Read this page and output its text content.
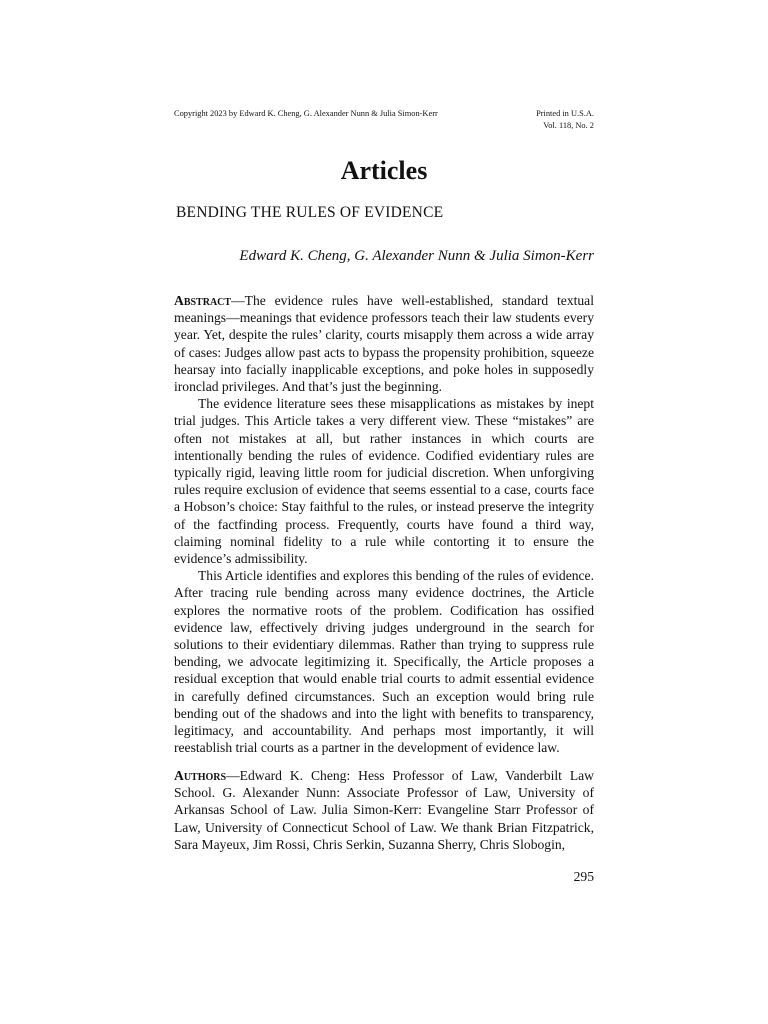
Copyright 2023 by Edward K. Cheng, G. Alexander Nunn & Julia Simon-Kerr	Printed in U.S.A.
Vol. 118, No. 2
Articles
BENDING THE RULES OF EVIDENCE
Edward K. Cheng, G. Alexander Nunn & Julia Simon-Kerr

Abstract—The evidence rules have well-established, standard textual meanings—meanings that evidence professors teach their law students every year. Yet, despite the rules’ clarity, courts misapply them across a wide array of cases: Judges allow past acts to bypass the propensity prohibition, squeeze hearsay into facially inapplicable exceptions, and poke holes in supposedly ironclad privileges. And that’s just the beginning.

The evidence literature sees these misapplications as mistakes by inept trial judges. This Article takes a very different view. These “mistakes” are often not mistakes at all, but rather instances in which courts are intentionally bending the rules of evidence. Codified evidentiary rules are typically rigid, leaving little room for judicial discretion. When unforgiving rules require exclusion of evidence that seems essential to a case, courts face a Hobson’s choice: Stay faithful to the rules, or instead preserve the integrity of the factfinding process. Frequently, courts have found a third way, claiming nominal fidelity to a rule while contorting it to ensure the evidence’s admissibility.

This Article identifies and explores this bending of the rules of evidence. After tracing rule bending across many evidence doctrines, the Article explores the normative roots of the problem. Codification has ossified evidence law, effectively driving judges underground in the search for solutions to their evidentiary dilemmas. Rather than trying to suppress rule bending, we advocate legitimizing it. Specifically, the Article proposes a residual exception that would enable trial courts to admit essential evidence in carefully defined circumstances. Such an exception would bring rule bending out of the shadows and into the light with benefits to transparency, legitimacy, and accountability. And perhaps most importantly, it will reestablish trial courts as a partner in the development of evidence law.

Authors—Edward K. Cheng: Hess Professor of Law, Vanderbilt Law School. G. Alexander Nunn: Associate Professor of Law, University of Arkansas School of Law. Julia Simon-Kerr: Evangeline Starr Professor of Law, University of Connecticut School of Law. We thank Brian Fitzpatrick, Sara Mayeux, Jim Rossi, Chris Serkin, Suzanna Sherry, Chris Slobogin,

295
